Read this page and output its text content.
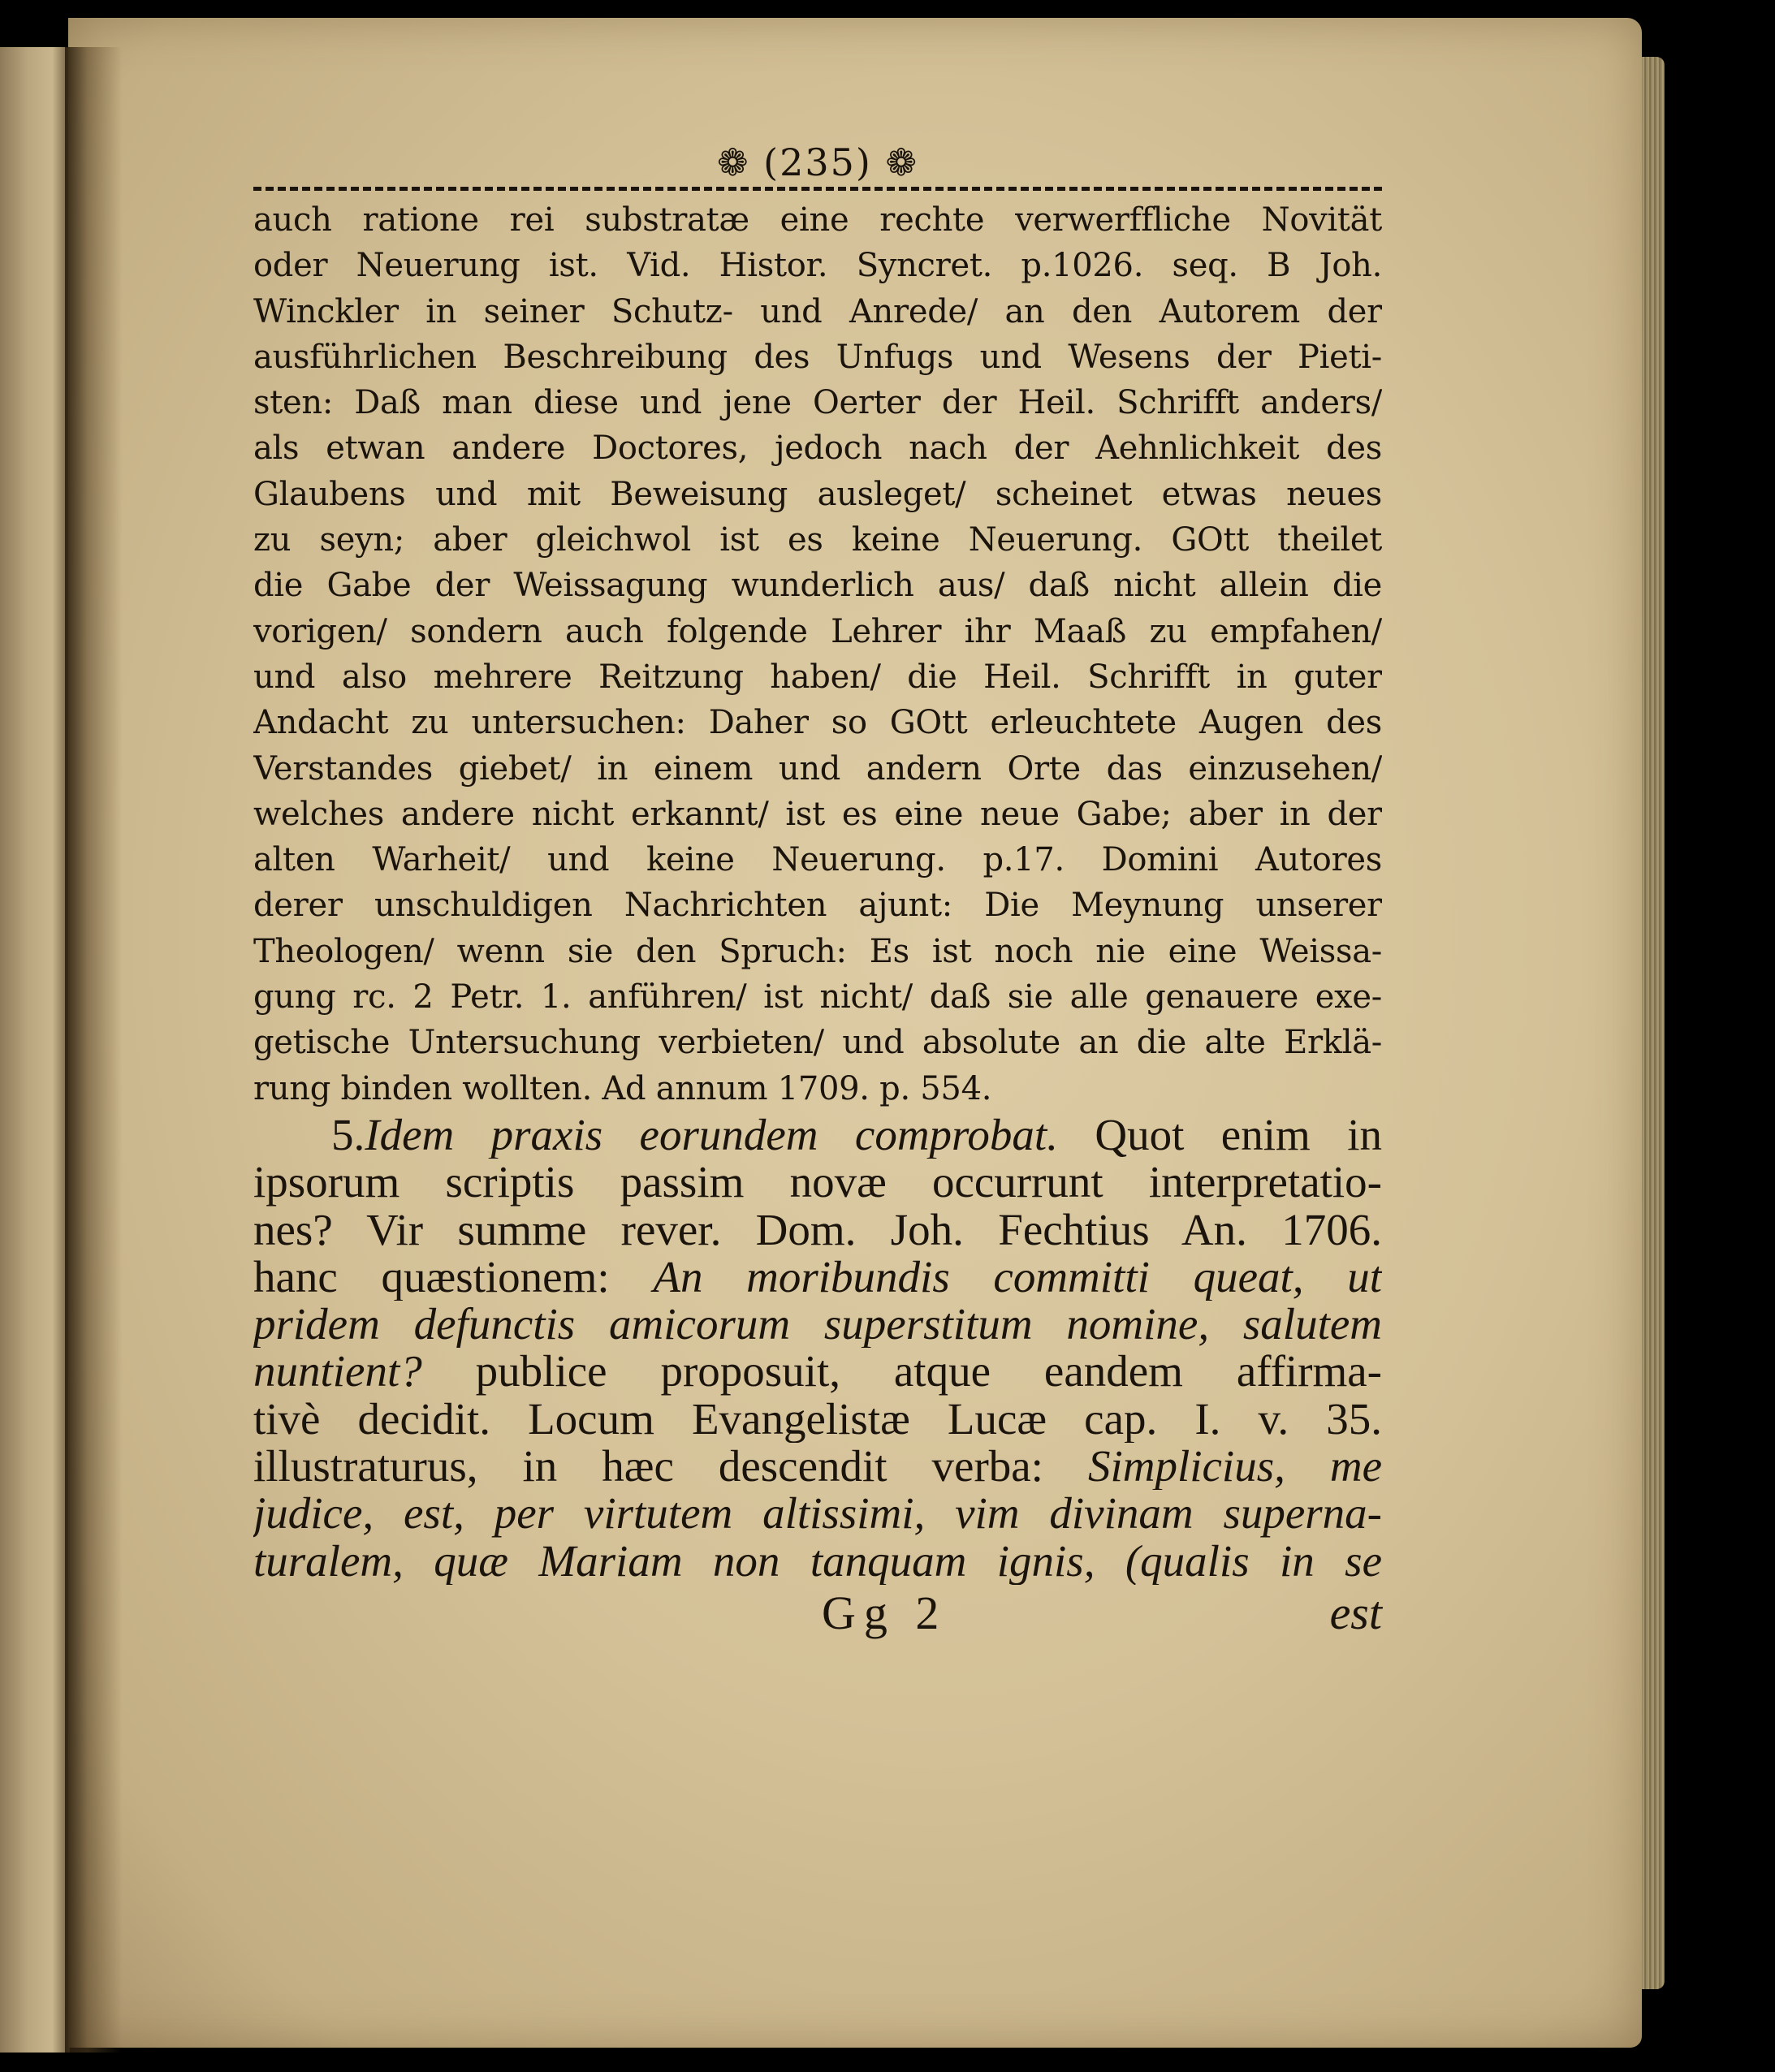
❁ (235) ❁
auch ratione rei substratæ eine rechte verwerffliche Novität
oder Neuerung ist. Vid. Histor. Syncret. p.1026. seq. B Joh.
Winckler in seiner Schutz- und Anrede/ an den Autorem der
ausführlichen Beschreibung des Unfugs und Wesens der Pieti-
sten: Daß man diese und jene Oerter der Heil. Schrifft anders/
als etwan andere Doctores, jedoch nach der Aehnlichkeit des
Glaubens und mit Beweisung ausleget/ scheinet etwas neues
zu seyn; aber gleichwol ist es keine Neuerung. GOtt theilet
die Gabe der Weissagung wunderlich aus/ daß nicht allein die
vorigen/ sondern auch folgende Lehrer ihr Maaß zu empfahen/
und also mehrere Reitzung haben/ die Heil. Schrifft in guter
Andacht zu untersuchen: Daher so GOtt erleuchtete Augen des
Verstandes giebet/ in einem und andern Orte das einzusehen/
welches andere nicht erkannt/ ist es eine neue Gabe; aber in der
alten Warheit/ und keine Neuerung. p.17. Domini Autores
derer unschuldigen Nachrichten ajunt: Die Meynung unserer
Theologen/ wenn sie den Spruch: Es ist noch nie eine Weissa-
gung rc. 2 Petr. 1. anführen/ ist nicht/ daß sie alle genauere exe-
getische Untersuchung verbieten/ und absolute an die alte Erklä-
rung binden wollten. Ad annum 1709. p. 554.
5.Idem praxis eorundem comprobat. Quot enim in
ipsorum scriptis passim novæ occurrunt interpretatio-
nes? Vir summe rever. Dom. Joh. Fechtius An. 1706.
hanc quæstionem: An moribundis committi queat, ut
pridem defunctis amicorum superstitum nomine, salutem
nuntient? publice proposuit, atque eandem affirma-
tivè decidit. Locum Evangelistæ Lucæ cap. I. v. 35.
illustraturus, in hæc descendit verba: Simplicius, me
judice, est, per virtutem altissimi, vim divinam superna-
turalem, quæ Mariam non tanquam ignis, (qualis in se
Gg 2	est
